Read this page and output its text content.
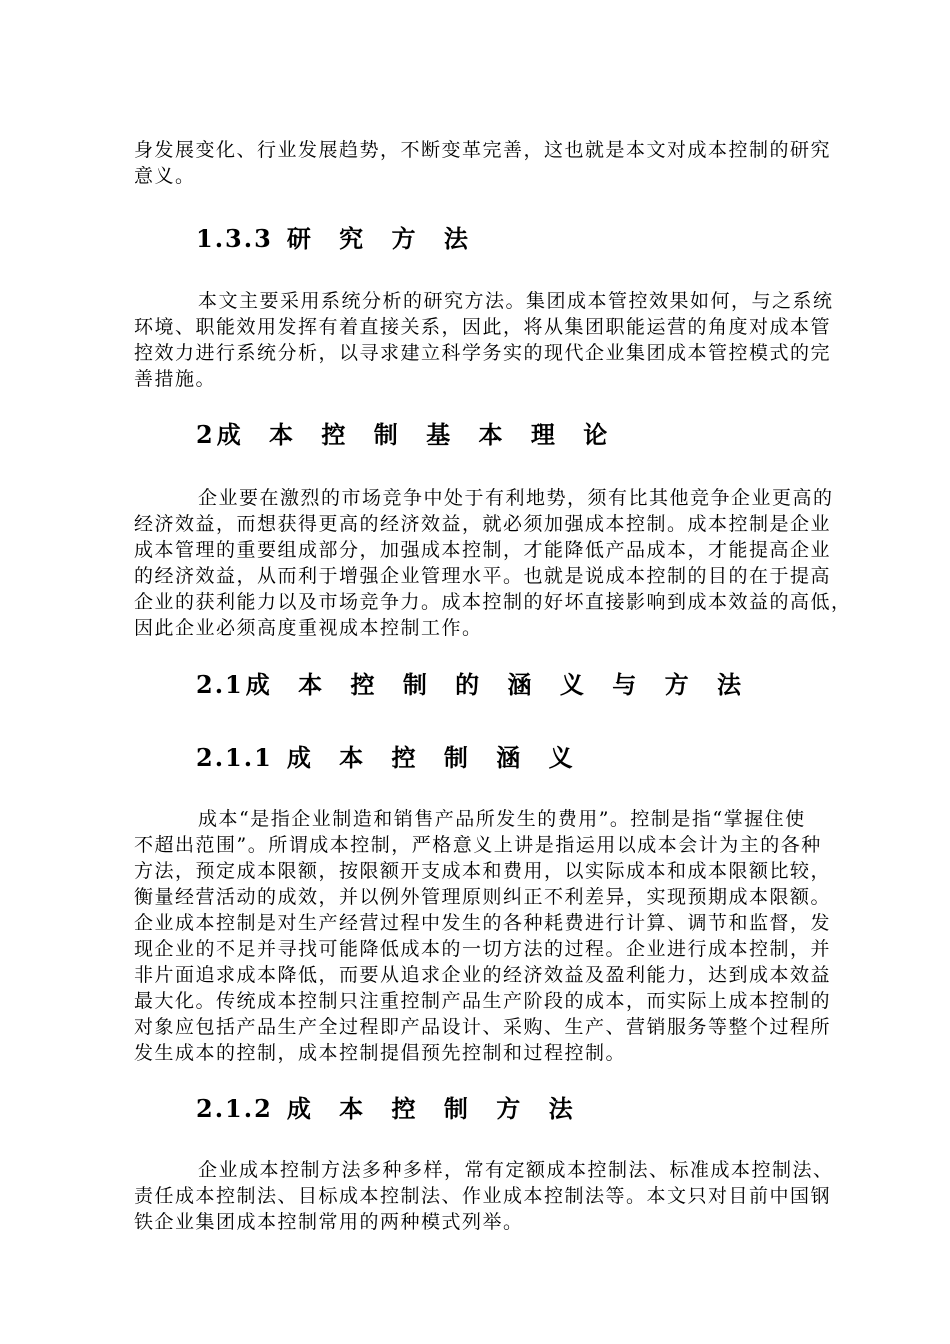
身发展变化、行业发展趋势，不断变革完善，这也就是本文对成本控制的研究
意义。
1.3.3 研 究 方 法
本文主要采用系统分析的研究方法。集团成本管控效果如何，与之系统
环境、职能效用发挥有着直接关系，因此，将从集团职能运营的角度对成本管
控效力进行系统分析，以寻求建立科学务实的现代企业集团成本管控模式的完
善措施。
2成 本 控 制 基 本 理 论
企业要在激烈的市场竞争中处于有利地势，须有比其他竞争企业更高的
经济效益，而想获得更高的经济效益，就必须加强成本控制。成本控制是企业
成本管理的重要组成部分，加强成本控制，才能降低产品成本，才能提高企业
的经济效益，从而利于增强企业管理水平。也就是说成本控制的目的在于提高
企业的获利能力以及市场竞争力。成本控制的好坏直接影响到成本效益的高低，
因此企业必须高度重视成本控制工作。
2.1成 本 控 制 的 涵 义 与 方 法
2.1.1 成 本 控 制 涵 义
成本“是指企业制造和销售产品所发生的费用”。控制是指“掌握住使
不超出范围”。所谓成本控制，严格意义上讲是指运用以成本会计为主的各种
方法，预定成本限额，按限额开支成本和费用，以实际成本和成本限额比较，
衡量经营活动的成效，并以例外管理原则纠正不利差异，实现预期成本限额。
企业成本控制是对生产经营过程中发生的各种耗费进行计算、调节和监督，发
现企业的不足并寻找可能降低成本的一切方法的过程。企业进行成本控制，并
非片面追求成本降低，而要从追求企业的经济效益及盈利能力，达到成本效益
最大化。传统成本控制只注重控制产品生产阶段的成本，而实际上成本控制的
对象应包括产品生产全过程即产品设计、采购、生产、营销服务等整个过程所
发生成本的控制，成本控制提倡预先控制和过程控制。
2.1.2 成 本 控 制 方 法
企业成本控制方法多种多样，常有定额成本控制法、标准成本控制法、
责任成本控制法、目标成本控制法、作业成本控制法等。本文只对目前中国钢
铁企业集团成本控制常用的两种模式列举。
